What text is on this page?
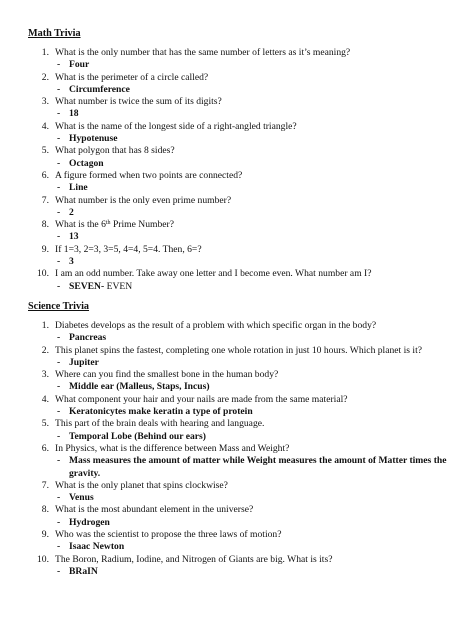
Math Trivia
1. What is the only number that has the same number of letters as it’s meaning?
- Four
2. What is the perimeter of a circle called?
- Circumference
3. What number is twice the sum of its digits?
- 18
4. What is the name of the longest side of a right-angled triangle?
- Hypotenuse
5. What polygon that has 8 sides?
- Octagon
6. A figure formed when two points are connected?
- Line
7. What number is the only even prime number?
- 2
8. What is the 6th Prime Number?
- 13
9. If 1=3, 2=3, 3=5, 4=4, 5=4. Then, 6=?
- 3
10. I am an odd number. Take away one letter and I become even. What number am I?
- SEVEN- EVEN
Science Trivia
1. Diabetes develops as the result of a problem with which specific organ in the body?
- Pancreas
2. This planet spins the fastest, completing one whole rotation in just 10 hours. Which planet is it?
- Jupiter
3. Where can you find the smallest bone in the human body?
- Middle ear (Malleus, Staps, Incus)
4. What component your hair and your nails are made from the same material?
- Keratonicytes make keratin a type of protein
5. This part of the brain deals with hearing and language.
- Temporal Lobe (Behind our ears)
6. In Physics, what is the difference between Mass and Weight?
- Mass measures the amount of matter while Weight measures the amount of Matter times the gravity.
7. What is the only planet that spins clockwise?
- Venus
8. What is the most abundant element in the universe?
- Hydrogen
9. Who was the scientist to propose the three laws of motion?
- Isaac Newton
10. The Boron, Radium, Iodine, and Nitrogen of Giants are big. What is its?
- BRaIN
